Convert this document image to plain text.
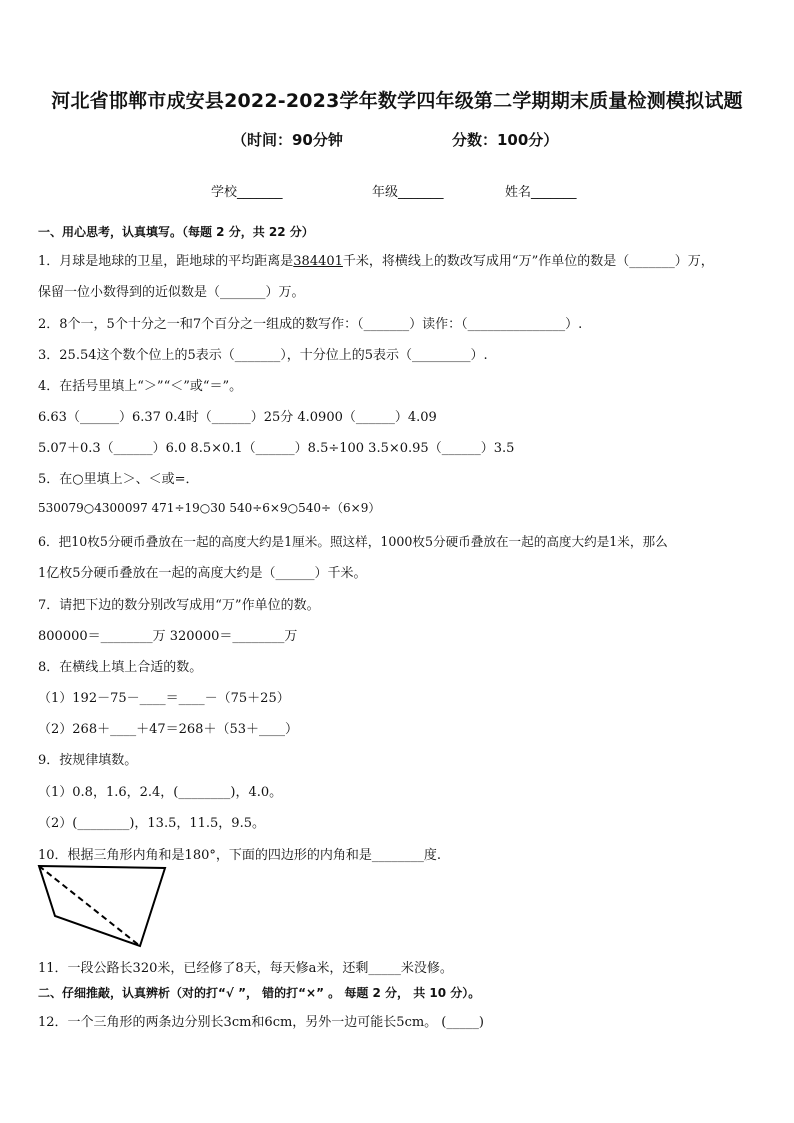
河北省邯郸市成安县2022-2023学年数学四年级第二学期期末质量检测模拟试题
（时间：90分钟	分数：100分）
学校_______	年级_______	姓名_______
一、用心思考，认真填写。（每题 2 分，共 22 分）
1．月球是地球的卫星，距地球的平均距离是384401千米，将横线上的数改写成用“万”作单位的数是（_______）万，
保留一位小数得到的近似数是（_______）万。
2．8个一，5个十分之一和7个百分之一组成的数写作：（_______）读作：（_______________）.
3．25.54这个数个位上的5表示（_______），十分位上的5表示（_________）.
4．在括号里填上“＞”“＜”或“＝”。
6.63（______）6.37 0.4时（______）25分 4.0900（______）4.09
5.07＋0.3（______）6.0 8.5×0.1（______）8.5÷100 3.5×0.95（______）3.5
5．在○里填上＞、＜或=．
530079○4300097 471÷19○30 540÷6×9○540÷（6×9）
6．把10枚5分硬币叠放在一起的高度大约是1厘米。照这样，1000枚5分硬币叠放在一起的高度大约是1米，那么
1亿枚5分硬币叠放在一起的高度大约是（______）千米。
7．请把下边的数分别改写成用“万”作单位的数。
800000＝________万 320000＝________万
8．在横线上填上合适的数。
（1）192－75－____＝____－（75＋25）
（2）268＋____＋47＝268＋（53＋____）
9．按规律填数。
（1）0.8，1.6，2.4，(________)，4.0。
（2）(________)，13.5，11.5，9.5。
10．根据三角形内角和是180°，下面的四边形的内角和是________度.
11．一段公路长320米，已经修了8天，每天修a米，还剩_____米没修。
二、仔细推敲，认真辨析（对的打“√ ”， 错的打“×” 。 每题 2 分， 共 10 分）。
12．一个三角形的两条边分别长3cm和6cm，另外一边可能长5cm。 (_____)
